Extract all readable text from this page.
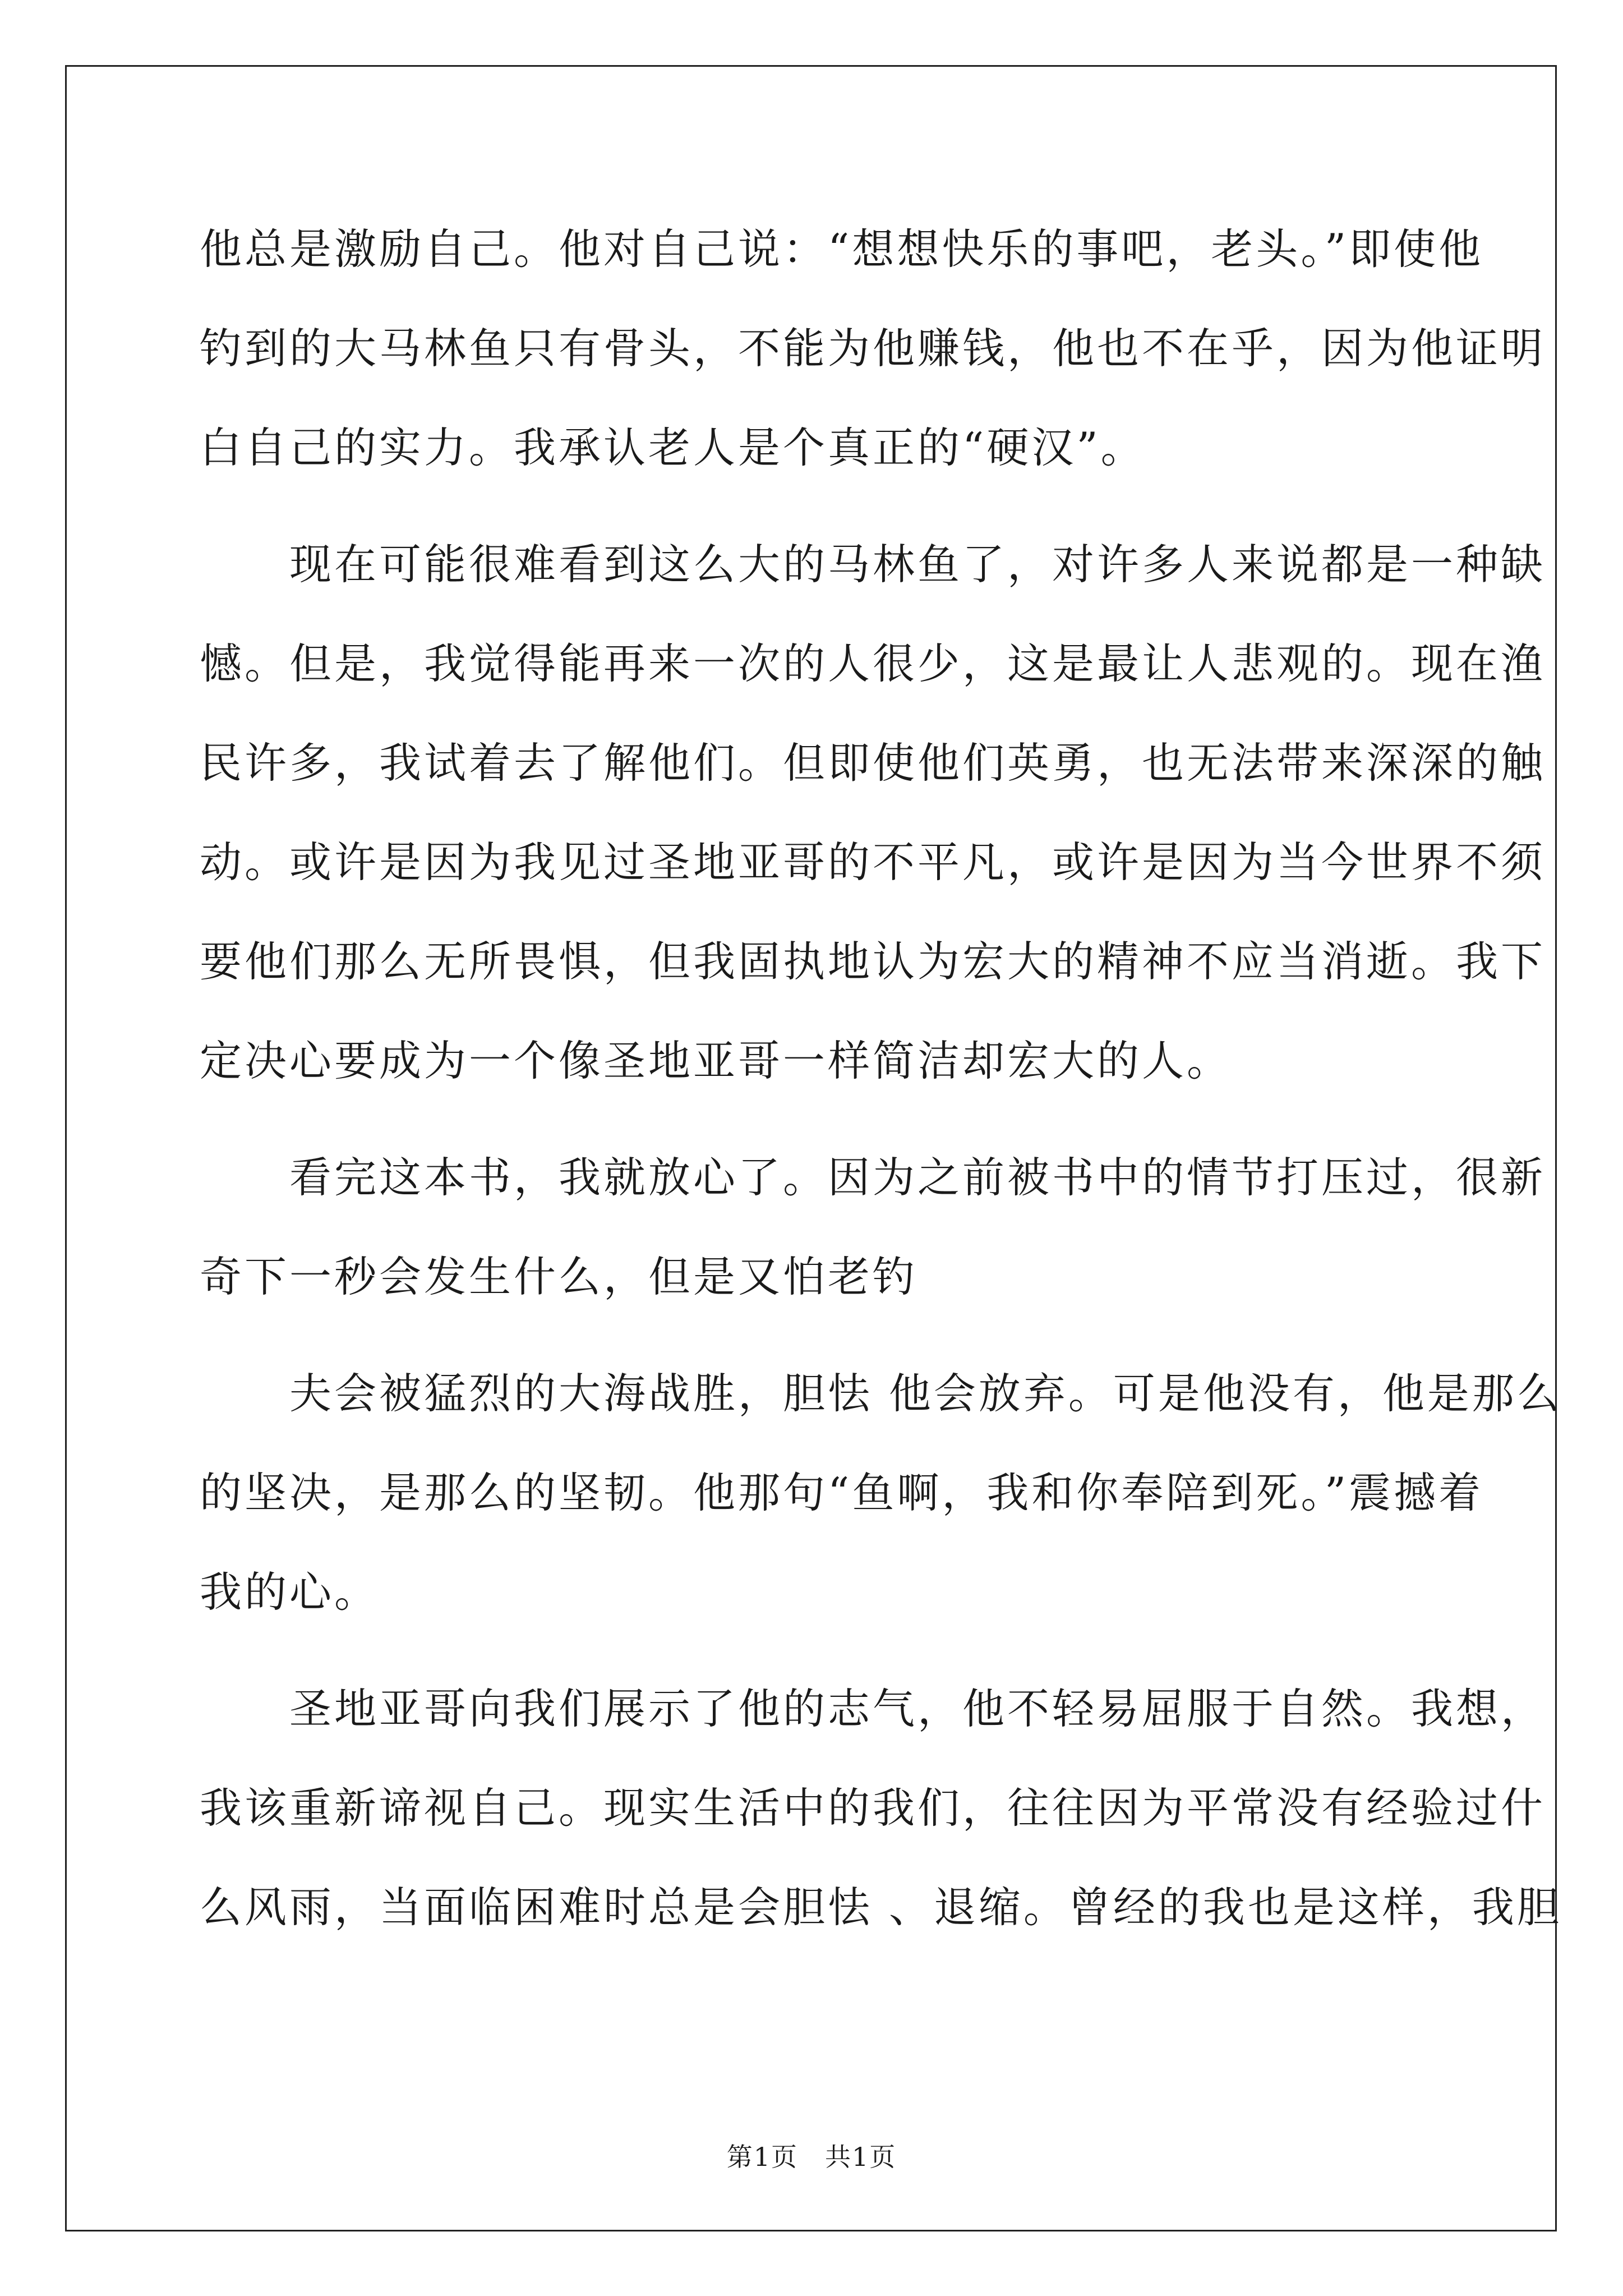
他总是激励自己。他对自己说：“想想快乐的事吧，老头。”即使他
钓到的大马林鱼只有骨头，不能为他赚钱，他也不在乎，因为他证明
白自己的实力。我承认老人是个真正的“硬汉”。
　　现在可能很难看到这么大的马林鱼了，对许多人来说都是一种缺
憾。但是，我觉得能再来一次的人很少，这是最让人悲观的。现在渔
民许多，我试着去了解他们。但即使他们英勇，也无法带来深深的触
动。或许是因为我见过圣地亚哥的不平凡，或许是因为当今世界不须
要他们那么无所畏惧，但我固执地认为宏大的精神不应当消逝。我下
定决心要成为一个像圣地亚哥一样简洁却宏大的人。
　　看完这本书，我就放心了。因为之前被书中的情节打压过，很新
奇下一秒会发生什么，但是又怕老钓
　　夫会被猛烈的大海战胜，胆怯 他会放弃。可是他没有，他是那么
的坚决，是那么的坚韧。他那句“鱼啊，我和你奉陪到死。”震撼着
我的心。
　　圣地亚哥向我们展示了他的志气，他不轻易屈服于自然。我想，
我该重新谛视自己。现实生活中的我们，往往因为平常没有经验过什
么风雨，当面临困难时总是会胆怯 、退缩。曾经的我也是这样，我胆
第1页　共1页
